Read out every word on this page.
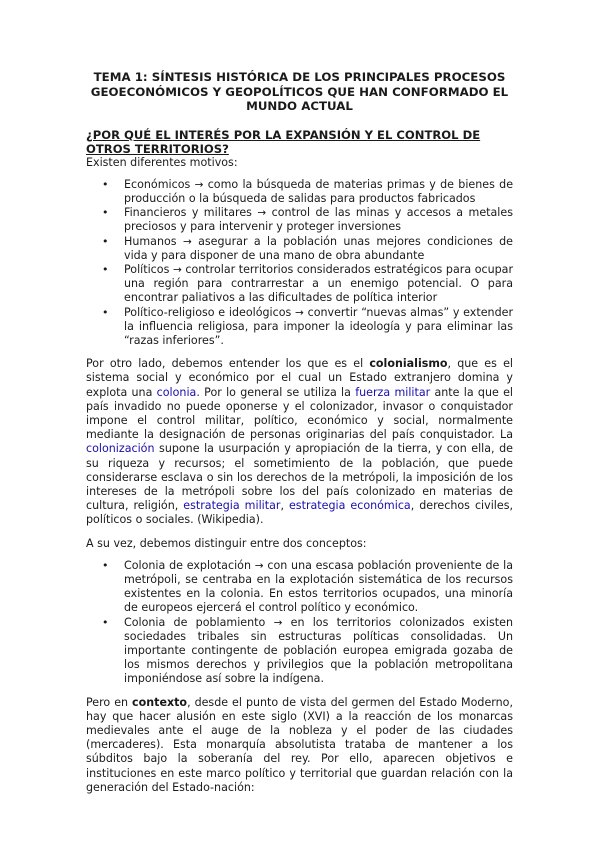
TEMA 1: SÍNTESIS HISTÓRICA DE LOS PRINCIPALES PROCESOS GEOECONÓMICOS Y GEOPOLÍTICOS QUE HAN CONFORMADO EL MUNDO ACTUAL

¿POR QUÉ EL INTERÉS POR LA EXPANSIÓN Y EL CONTROL DE OTROS TERRITORIOS?

Existen diferentes motivos:

• Económicos → como la búsqueda de materias primas y de bienes de producción o la búsqueda de salidas para productos fabricados
• Financieros y militares → control de las minas y accesos a metales preciosos y para intervenir y proteger inversiones
• Humanos → asegurar a la población unas mejores condiciones de vida y para disponer de una mano de obra abundante
• Políticos → controlar territorios considerados estratégicos para ocupar una región para contrarrestar a un enemigo potencial. O para encontrar paliativos a las dificultades de política interior
• Político-religioso e ideológicos → convertir “nuevas almas” y extender la influencia religiosa, para imponer la ideología y para eliminar las “razas inferiores”.

Por otro lado, debemos entender los que es el colonialismo, que es el sistema social y económico por el cual un Estado extranjero domina y explota una colonia. Por lo general se utiliza la fuerza militar ante la que el país invadido no puede oponerse y el colonizador, invasor o conquistador impone el control militar, político, económico y social, normalmente mediante la designación de personas originarias del país conquistador. La colonización supone la usurpación y apropiación de la tierra, y con ella, de su riqueza y recursos; el sometimiento de la población, que puede considerarse esclava o sin los derechos de la metrópoli, la imposición de los intereses de la metrópoli sobre los del país colonizado en materias de cultura, religión, estrategia militar, estrategia económica, derechos civiles, políticos o sociales. (Wikipedia).

A su vez, debemos distinguir entre dos conceptos:

• Colonia de explotación → con una escasa población proveniente de la metrópoli, se centraba en la explotación sistemática de los recursos existentes en la colonia. En estos territorios ocupados, una minoría de europeos ejercerá el control político y económico.
• Colonia de poblamiento → en los territorios colonizados existen sociedades tribales sin estructuras políticas consolidadas. Un importante contingente de población europea emigrada gozaba de los mismos derechos y privilegios que la población metropolitana imponiéndose así sobre la indígena.

Pero en contexto, desde el punto de vista del germen del Estado Moderno, hay que hacer alusión en este siglo (XVI) a la reacción de los monarcas medievales ante el auge de la nobleza y el poder de las ciudades (mercaderes). Esta monarquía absolutista trataba de mantener a los súbditos bajo la soberanía del rey. Por ello, aparecen objetivos e instituciones en este marco político y territorial que guardan relación con la generación del Estado-nación:
